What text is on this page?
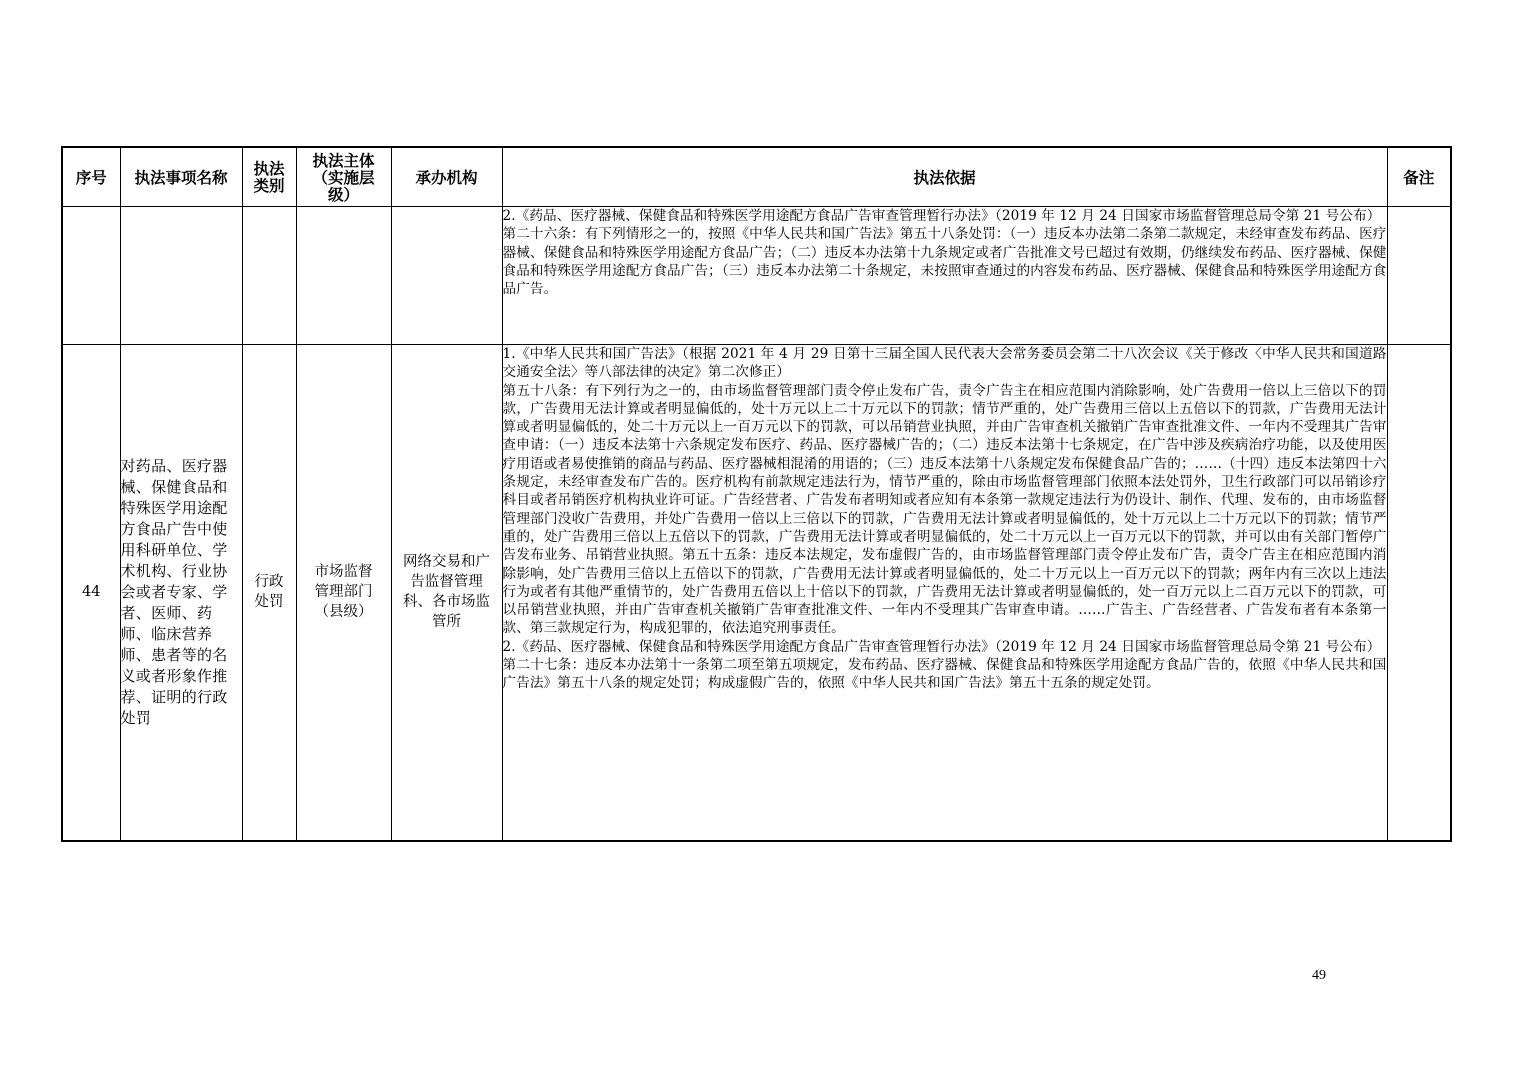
序号	执法事项名称	执法类别	执法主体（实施层级）	承办机构	执法依据	备注

					2.《药品、医疗器械、保健食品和特殊医学用途配方食品广告审查管理暂行办法》（2019 年 12 月 24 日国家市场监督管理总局令第 21 号公布）

第二十六条：有下列情形之一的，按照《中华人民共和国广告法》第五十八条处罚：（一）违反本办法第二条第二款规定，未经审查发布药品、医疗器械、保健食品和特殊医学用途配方食品广告；（二）违反本办法第十九条规定或者广告批准文号已超过有效期，仍继续发布药品、医疗器械、保健食品和特殊医学用途配方食品广告；（三）违反本办法第二十条规定，未按照审查通过的内容发布药品、医疗器械、保健食品和特殊医学用途配方食品广告。	

44	对药品、医疗器械、保健食品和特殊医学用途配方食品广告中使用科研单位、学术机构、行业协会或者专家、学者、医师、药师、临床营养师、患者等的名义或者形象作推荐、证明的行政处罚	行政处罚	市场监督管理部门（县级）	网络交易和广告监督管理科、各市场监管所	1.《中华人民共和国广告法》（根据 2021 年 4 月 29 日第十三届全国人民代表大会常务委员会第二十八次会议《关于修改〈中华人民共和国道路交通安全法〉等八部法律的决定》第二次修正）

第五十八条：有下列行为之一的，由市场监督管理部门责令停止发布广告，责令广告主在相应范围内消除影响，处广告费用一倍以上三倍以下的罚款，广告费用无法计算或者明显偏低的，处十万元以上二十万元以下的罚款；情节严重的，处广告费用三倍以上五倍以下的罚款，广告费用无法计算或者明显偏低的，处二十万元以上一百万元以下的罚款，可以吊销营业执照，并由广告审查机关撤销广告审查批准文件、一年内不受理其广告审查申请：（一）违反本法第十六条规定发布医疗、药品、医疗器械广告的；（二）违反本法第十七条规定，在广告中涉及疾病治疗功能，以及使用医疗用语或者易使推销的商品与药品、医疗器械相混淆的用语的；（三）违反本法第十八条规定发布保健食品广告的；……（十四）违反本法第四十六条规定，未经审查发布广告的。医疗机构有前款规定违法行为，情节严重的，除由市场监督管理部门依照本法处罚外，卫生行政部门可以吊销诊疗科目或者吊销医疗机构执业许可证。广告经营者、广告发布者明知或者应知有本条第一款规定违法行为仍设计、制作、代理、发布的，由市场监督管理部门没收广告费用，并处广告费用一倍以上三倍以下的罚款，广告费用无法计算或者明显偏低的，处十万元以上二十万元以下的罚款；情节严重的，处广告费用三倍以上五倍以下的罚款，广告费用无法计算或者明显偏低的，处二十万元以上一百万元以下的罚款，并可以由有关部门暂停广告发布业务、吊销营业执照。第五十五条：违反本法规定，发布虚假广告的，由市场监督管理部门责令停止发布广告，责令广告主在相应范围内消除影响，处广告费用三倍以上五倍以下的罚款，广告费用无法计算或者明显偏低的，处二十万元以上一百万元以下的罚款；两年内有三次以上违法行为或者有其他严重情节的，处广告费用五倍以上十倍以下的罚款，广告费用无法计算或者明显偏低的，处一百万元以上二百万元以下的罚款，可以吊销营业执照，并由广告审查机关撤销广告审查批准文件、一年内不受理其广告审查申请。……广告主、广告经营者、广告发布者有本条第一款、第三款规定行为，构成犯罪的，依法追究刑事责任。

2.《药品、医疗器械、保健食品和特殊医学用途配方食品广告审查管理暂行办法》（2019 年 12 月 24 日国家市场监督管理总局令第 21 号公布）

第二十七条：违反本办法第十一条第二项至第五项规定，发布药品、医疗器械、保健食品和特殊医学用途配方食品广告的，依照《中华人民共和国广告法》第五十八条的规定处罚；构成虚假广告的，依照《中华人民共和国广告法》第五十五条的规定处罚。	

49
